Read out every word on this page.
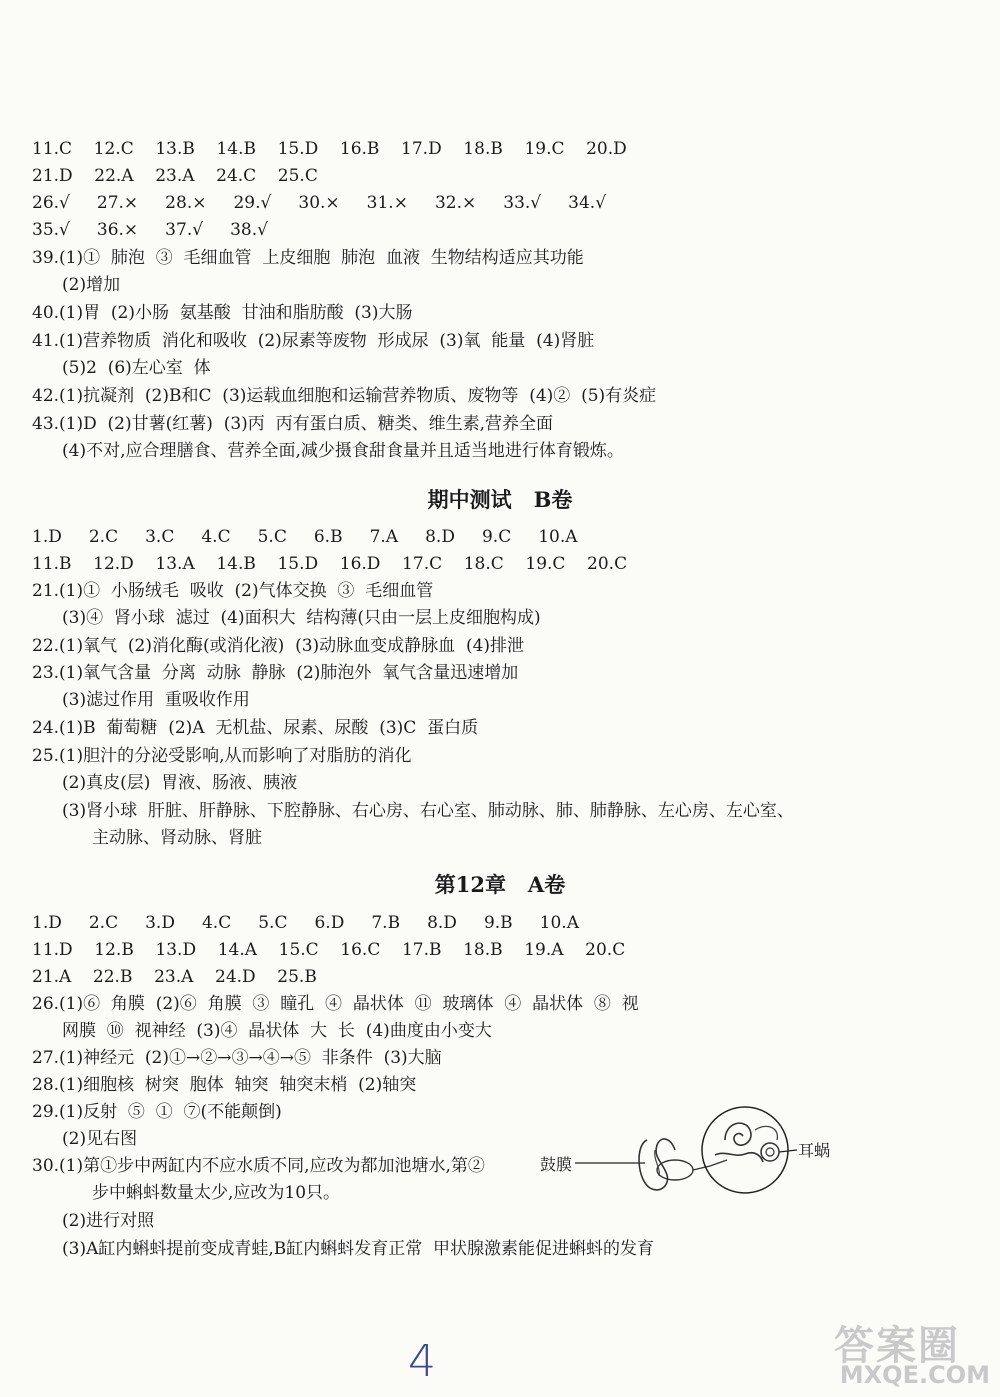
11.C    12.C    13.B    14.B    15.D    16.B    17.D    18.B    19.C    20.D
21.D    22.A    23.A    24.C    25.C
26.√     27.×     28.×     29.√     30.×     31.×     32.×     33.√     34.√
35.√     36.×     37.√     38.√
39.(1)①  肺泡  ③  毛细血管  上皮细胞  肺泡  血液  生物结构适应其功能
(2)增加
40.(1)胃  (2)小肠  氨基酸  甘油和脂肪酸  (3)大肠
41.(1)营养物质  消化和吸收  (2)尿素等废物  形成尿  (3)氧  能量  (4)肾脏
(5)2  (6)左心室  体
42.(1)抗凝剂  (2)B和C  (3)运载血细胞和运输营养物质、废物等  (4)②  (5)有炎症
43.(1)D  (2)甘薯(红薯)  (3)丙  丙有蛋白质、糖类、维生素,营养全面
(4)不对,应合理膳食、营养全面,减少摄食甜食量并且适当地进行体育锻炼。
1.D     2.C     3.C     4.C     5.C     6.B     7.A     8.D     9.C     10.A
11.B    12.D    13.A    14.B    15.D    16.D    17.C    18.C    19.C    20.C
21.(1)①  小肠绒毛  吸收  (2)气体交换  ③  毛细血管
(3)④  肾小球  滤过  (4)面积大  结构薄(只由一层上皮细胞构成)
22.(1)氧气  (2)消化酶(或消化液)  (3)动脉血变成静脉血  (4)排泄
23.(1)氧气含量  分离  动脉  静脉  (2)肺泡外  氧气含量迅速增加
(3)滤过作用  重吸收作用
24.(1)B  葡萄糖  (2)A  无机盐、尿素、尿酸  (3)C  蛋白质
25.(1)胆汁的分泌受影响,从而影响了对脂肪的消化
(2)真皮(层)  胃液、肠液、胰液
(3)肾小球  肝脏、肝静脉、下腔静脉、右心房、右心室、肺动脉、肺、肺静脉、左心房、左心室、
主动脉、肾动脉、肾脏
1.D     2.C     3.D     4.C     5.C     6.D     7.B     8.D     9.B     10.A
11.D    12.B    13.D    14.A    15.C    16.C    17.B    18.B    19.A    20.C
21.A    22.B    23.A    24.D    25.B
26.(1)⑥  角膜  (2)⑥  角膜  ③  瞳孔  ④  晶状体  ⑪  玻璃体  ④  晶状体  ⑧  视
网膜  ⑩  视神经  (3)④  晶状体  大  长  (4)曲度由小变大
27.(1)神经元  (2)①→②→③→④→⑤  非条件  (3)大脑
28.(1)细胞核  树突  胞体  轴突  轴突末梢  (2)轴突
29.(1)反射  ⑤  ①  ⑦(不能颠倒)
(2)见右图
30.(1)第①步中两缸内不应水质不同,应改为都加池塘水,第②
步中蝌蚪数量太少,应改为10只。
(2)进行对照
(3)A缸内蝌蚪提前变成青蛙,B缸内蝌蚪发育正常  甲状腺激素能促进蝌蚪的发育
期中测试   B卷
第12章   A卷
鼓膜
耳蜗
4	答案圈
MXQE.COM
